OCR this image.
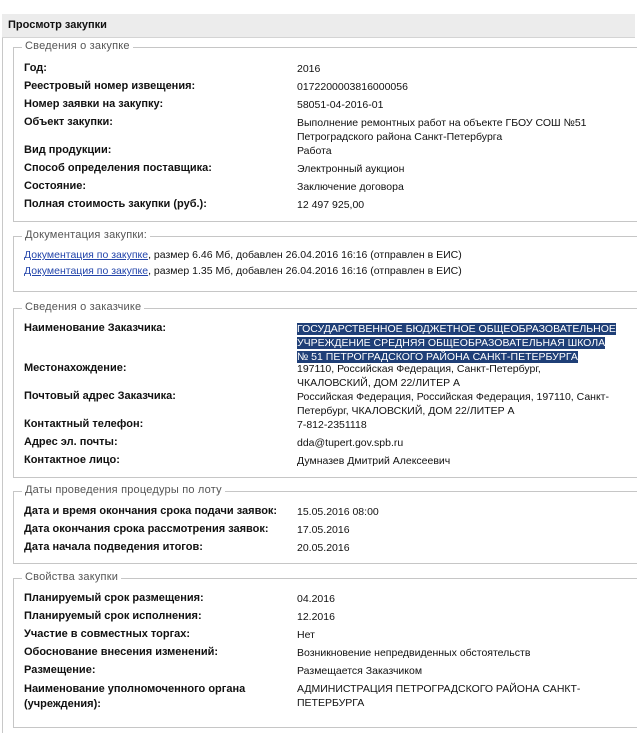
Просмотр закупки
Сведения о закупке
Год:	2016
Реестровый номер извещения:	0172200003816000056
Номер заявки на закупку:	58051-04-2016-01
Объект закупки:	Выполнение ремонтных работ на объекте ГБОУ СОШ №51 Петроградского района Санкт-Петербурга
Вид продукции:	Работа
Способ определения поставщика:	Электронный аукцион
Состояние:	Заключение договора
Полная стоимость закупки (руб.):	12 497 925,00
Документация закупки:
Документация по закупке, размер 6.46 Мб, добавлен 26.04.2016 16:16 (отправлен в ЕИС)
Документация по закупке, размер 1.35 Мб, добавлен 26.04.2016 16:16 (отправлен в ЕИС)
Сведения о заказчике
Наименование Заказчика:	ГОСУДАРСТВЕННОЕ БЮДЖЕТНОЕ ОБЩЕОБРАЗОВАТЕЛЬНОЕ УЧРЕЖДЕНИЕ СРЕДНЯЯ ОБЩЕОБРАЗОВАТЕЛЬНАЯ ШКОЛА № 51 ПЕТРОГРАДСКОГО РАЙОНА САНКТ-ПЕТЕРБУРГА
Местонахождение:	197110, Российская Федерация, Санкт-Петербург, ЧКАЛОВСКИЙ, ДОМ 22/ЛИТЕР А
Почтовый адрес Заказчика:	Российская Федерация, Российская Федерация, 197110, Санкт-Петербург, ЧКАЛОВСКИЙ, ДОМ 22/ЛИТЕР А
Контактный телефон:	7-812-2351118
Адрес эл. почты:	dda@tupert.gov.spb.ru
Контактное лицо:	Думназев Дмитрий Алексеевич
Даты проведения процедуры по лоту
Дата и время окончания срока подачи заявок: 15.05.2016 08:00
Дата окончания срока рассмотрения заявок:	17.05.2016
Дата начала подведения итогов:	20.05.2016
Свойства закупки
Планируемый срок размещения:	04.2016
Планируемый срок исполнения:	12.2016
Участие в совместных торгах:	Нет
Обоснование внесения изменений:	Возникновение непредвиденных обстоятельств
Размещение:	Размещается Заказчиком
Наименование уполномоченного органа (учреждения):
АДМИНИСТРАЦИЯ ПЕТРОГРАДСКОГО РАЙОНА САНКТ-ПЕТЕРБУРГА
